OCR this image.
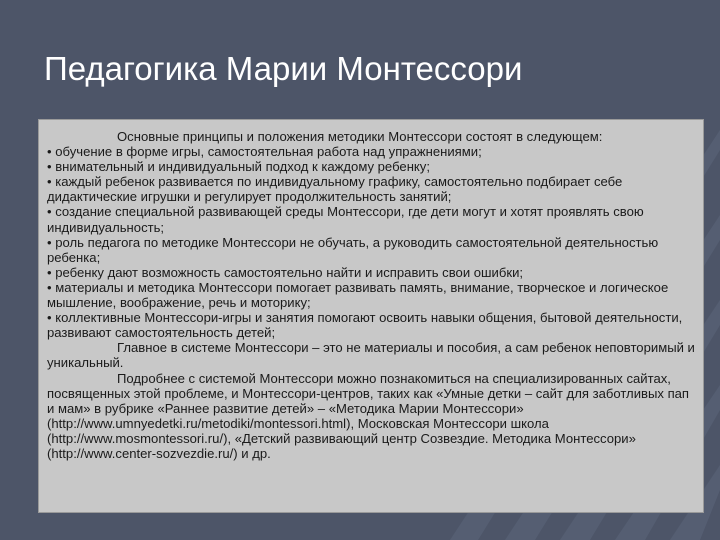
Педагогика Марии Монтессори

Основные принципы и положения методики Монтессори состоят в следующем:

• обучение в форме игры, самостоятельная работа над упражнениями;

• внимательный и индивидуальный подход к каждому ребенку;

• каждый ребенок развивается по индивидуальному графику, самостоятельно подбирает себе дидактические игрушки и регулирует продолжительность занятий;

• создание специальной развивающей среды Монтессори, где дети могут и хотят проявлять свою индивидуальность;

• роль педагога по методике Монтессори не обучать, а руководить самостоятельной деятельностью ребенка;

• ребенку дают возможность самостоятельно найти и исправить свои ошибки;

• материалы и методика Монтессори помогает развивать память, внимание, творческое и логическое мышление, воображение, речь и моторику;

• коллективные Монтессори-игры и занятия помогают освоить навыки общения, бытовой деятельности, развивают самостоятельность детей;

Главное в системе Монтессори – это не материалы и пособия, а сам ребенок неповторимый и уникальный.

Подробнее с системой Монтессори можно познакомиться на специализированных сайтах, посвященных этой проблеме, и Монтессори-центров, таких как «Умные детки – сайт для заботливых пап и мам» в рубрике «Раннее развитие детей» – «Методика Марии Монтессори» (http://www.umnyedetki.ru/metodiki/montessori.html), Московская Монтессори школа (http://www.mosmontessori.ru/), «Детский развивающий центр Созвездие. Методика Монтессори» (http://www.center-sozvezdie.ru/) и др.
